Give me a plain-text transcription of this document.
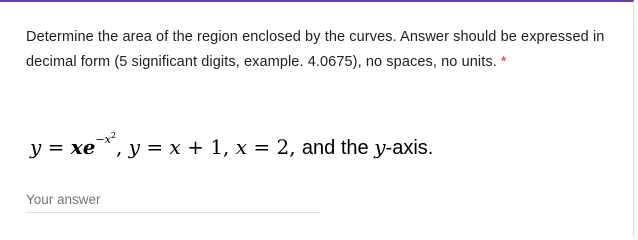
Determine the area of the region enclosed by the curves. Answer should be expressed in decimal form (5 significant digits, example. 4.0675), no spaces, no units. *
$y = xe^{-x^2}$, y = x + 1, x = 2, and the y-axis.
Your answer
